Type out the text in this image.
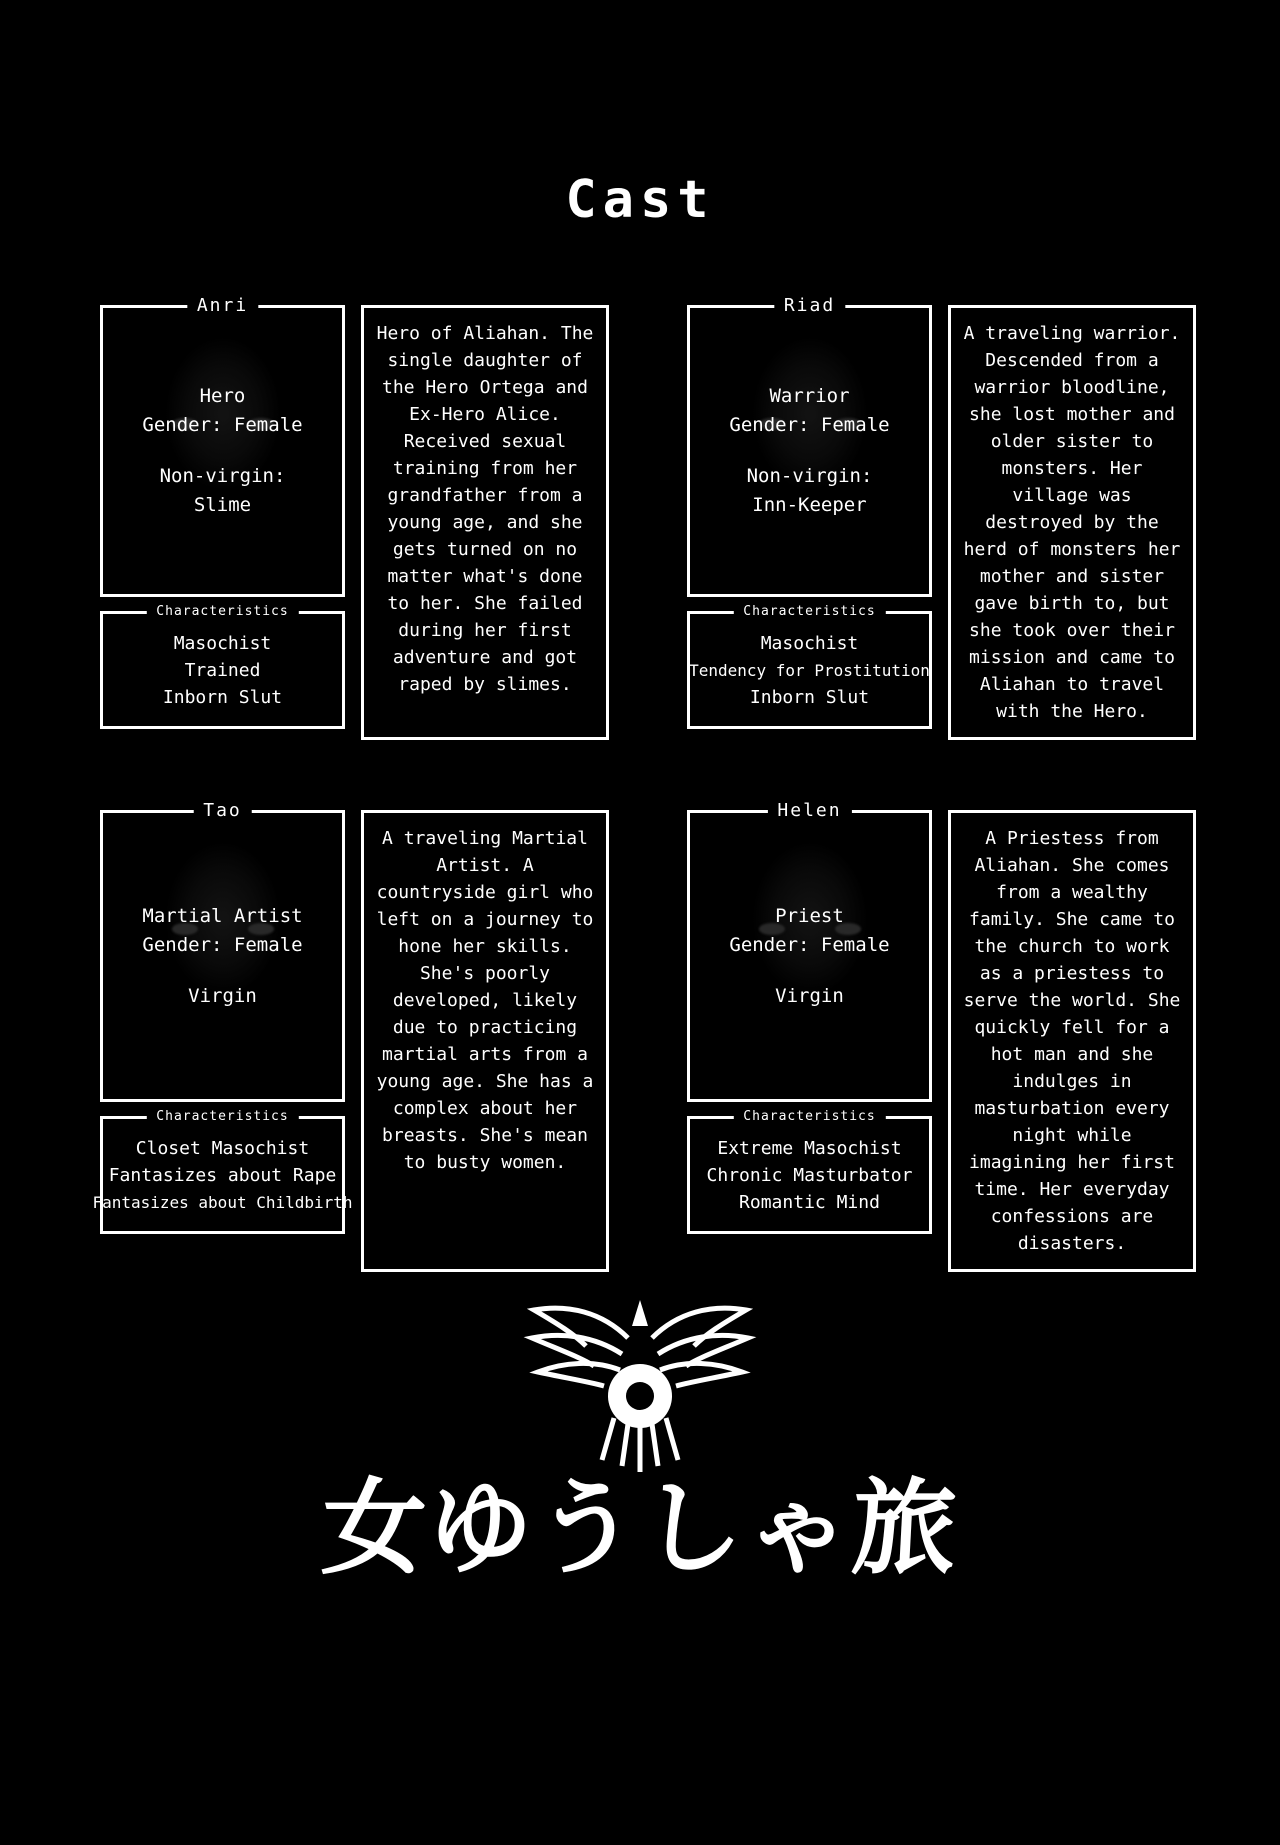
Cast
Anri
Hero
Gender: Female
Non-virgin:
Slime
Characteristics
Masochist
Trained
Inborn Slut
Hero of Aliahan. The single daughter of the Hero Ortega and Ex-Hero Alice. Received sexual training from her grandfather from a young age, and she gets turned on no matter what's done to her. She failed during her first adventure and got raped by slimes.
Riad
Warrior
Gender: Female
Non-virgin:
Inn-Keeper
Characteristics
Masochist
Tendency for Prostitution
Inborn Slut
A traveling warrior. Descended from a warrior bloodline, she lost mother and older sister to monsters. Her village was destroyed by the herd of monsters her mother and sister gave birth to, but she took over their mission and came to Aliahan to travel with the Hero.
Tao
Martial Artist
Gender: Female
Virgin
Characteristics
Closet Masochist
Fantasizes about Rape
Fantasizes about Childbirth
A traveling Martial Artist. A countryside girl who left on a journey to hone her skills. She's poorly developed, likely due to practicing martial arts from a young age. She has a complex about her breasts. She's mean to busty women.
Helen
Priest
Gender: Female
Virgin
Characteristics
Extreme Masochist
Chronic Masturbator
Romantic Mind
A Priestess from Aliahan. She comes from a wealthy family. She came to the church to work as a priestess to serve the world. She quickly fell for a hot man and she indulges in masturbation every night while imagining her first time. Her everyday confessions are disasters.
女ゆうしゃ旅
